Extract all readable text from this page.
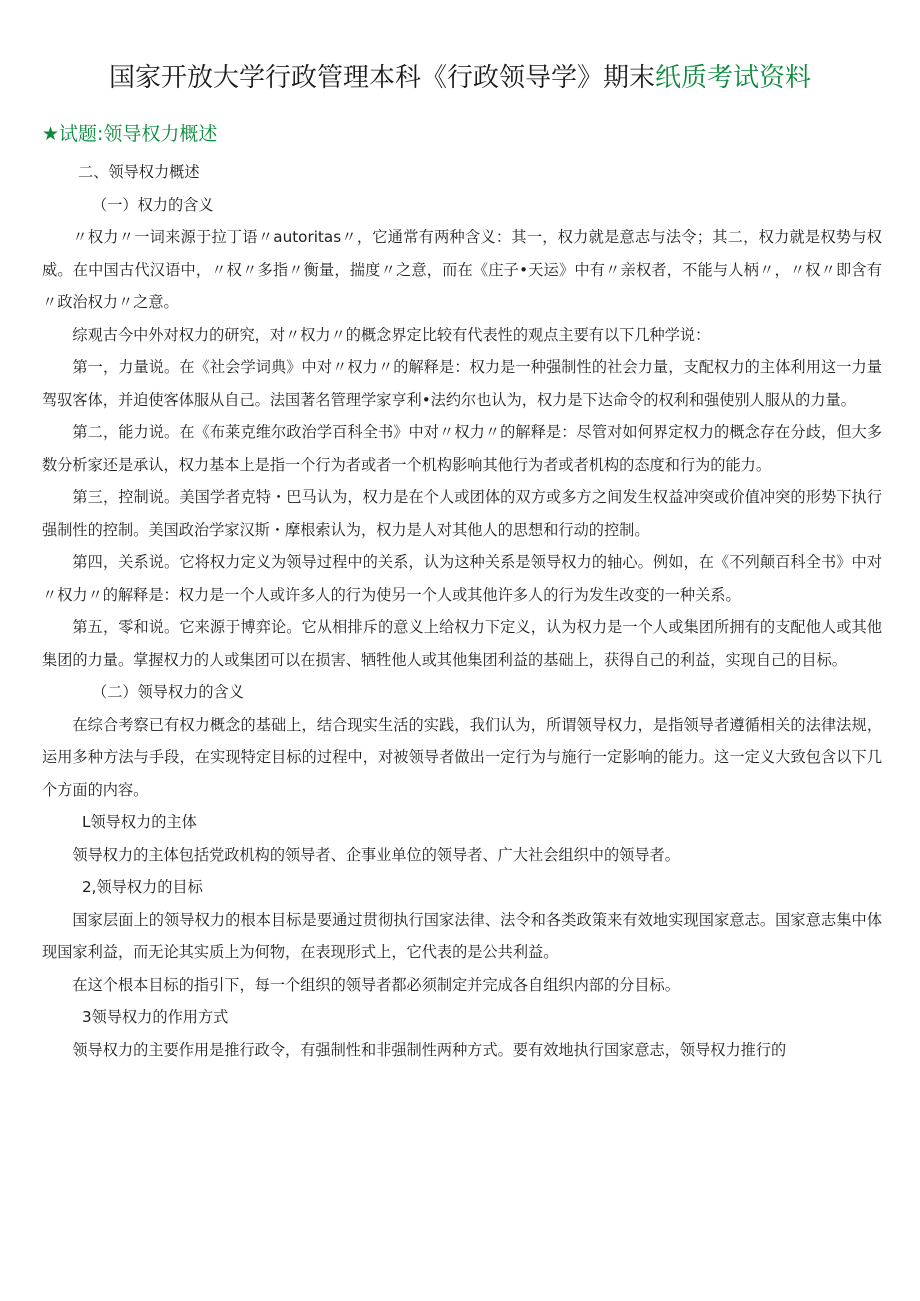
国家开放大学行政管理本科《行政领导学》期末纸质考试资料
★试题:领导权力概述

二、领导权力概述

（一）权力的含义

〃权力〃一词来源于拉丁语〃autoritas〃，它通常有两种含义：其一，权力就是意志与法令；其二，权力就是权势与权威。在中国古代汉语中，〃权〃多指〃衡量，揣度〃之意，而在《庄子•天运》中有〃亲权者，不能与人柄〃，〃权〃即含有〃政治权力〃之意。

综观古今中外对权力的研究，对〃权力〃的概念界定比较有代表性的观点主要有以下几种学说：

第一，力量说。在《社会学词典》中对〃权力〃的解释是：权力是一种强制性的社会力量，支配权力的主体利用这一力量驾驭客体，并迫使客体服从自己。法国著名管理学家亨利•法约尔也认为，权力是下达命令的权利和强使别人服从的力量。

第二，能力说。在《布莱克维尔政治学百科全书》中对〃权力〃的解释是：尽管对如何界定权力的概念存在分歧，但大多数分析家还是承认，权力基本上是指一个行为者或者一个机构影响其他行为者或者机构的态度和行为的能力。

第三，控制说。美国学者克特・巴马认为，权力是在个人或团体的双方或多方之间发生权益冲突或价值冲突的形势下执行强制性的控制。美国政治学家汉斯・摩根索认为，权力是人对其他人的思想和行动的控制。

第四，关系说。它将权力定义为领导过程中的关系，认为这种关系是领导权力的轴心。例如，在《不列颠百科全书》中对〃权力〃的解释是：权力是一个人或许多人的行为使另一个人或其他许多人的行为发生改变的一种关系。

第五，零和说。它来源于博弈论。它从相排斥的意义上给权力下定义，认为权力是一个人或集团所拥有的支配他人或其他集团的力量。掌握权力的人或集团可以在损害、牺牲他人或其他集团利益的基础上，获得自己的利益，实现自己的目标。

（二）领导权力的含义

在综合考察已有权力概念的基础上，结合现实生活的实践，我们认为，所谓领导权力，是指领导者遵循相关的法律法规，运用多种方法与手段，在实现特定目标的过程中，对被领导者做出一定行为与施行一定影响的能力。这一定义大致包含以下几个方面的内容。

L领导权力的主体

领导权力的主体包括党政机构的领导者、企事业单位的领导者、广大社会组织中的领导者。

2,领导权力的目标

国家层面上的领导权力的根本目标是要通过贯彻执行国家法律、法令和各类政策来有效地实现国家意志。国家意志集中体现国家利益，而无论其实质上为何物，在表现形式上，它代表的是公共利益。

在这个根本目标的指引下，每一个组织的领导者都必须制定并完成各自组织内部的分目标。

3领导权力的作用方式

领导权力的主要作用是推行政令，有强制性和非强制性两种方式。要有效地执行国家意志，领导权力推行的
